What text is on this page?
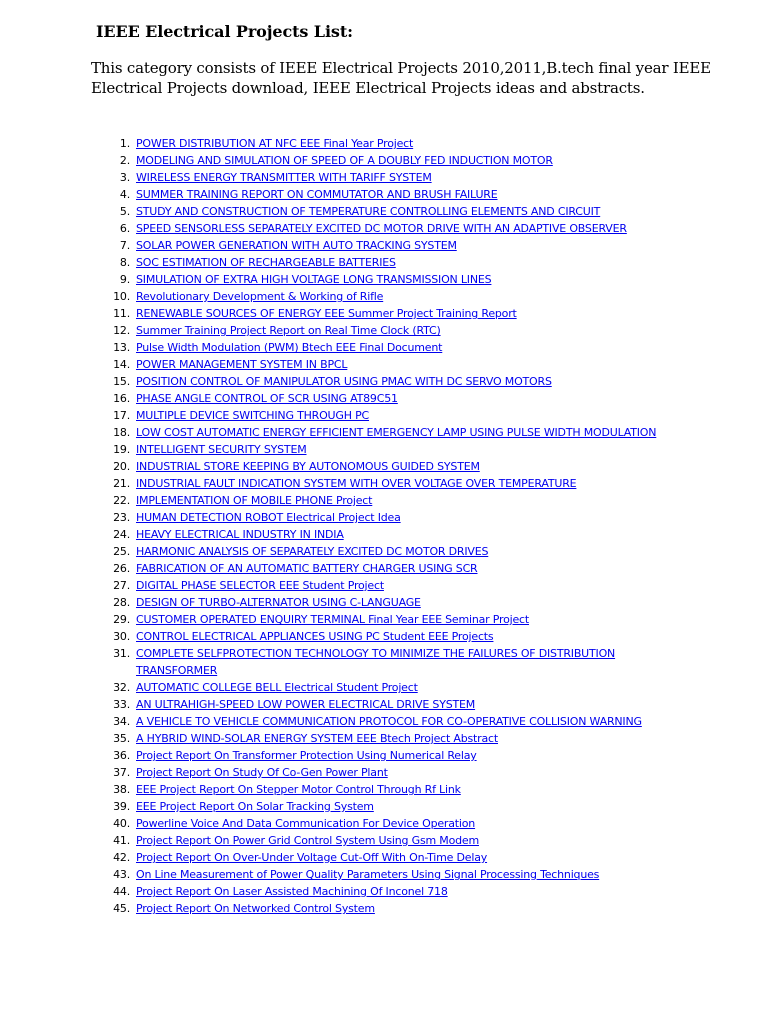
IEEE Electrical Projects List:

This category consists of IEEE Electrical Projects 2010,2011,B.tech final year IEEE Electrical Projects download, IEEE Electrical Projects ideas and abstracts.

1. POWER DISTRIBUTION AT NFC EEE Final Year Project
2. MODELING AND SIMULATION OF SPEED OF A DOUBLY FED INDUCTION MOTOR
3. WIRELESS ENERGY TRANSMITTER WITH TARIFF SYSTEM
4. SUMMER TRAINING REPORT ON COMMUTATOR AND BRUSH FAILURE
5. STUDY AND CONSTRUCTION OF TEMPERATURE CONTROLLING ELEMENTS AND CIRCUIT
6. SPEED SENSORLESS SEPARATELY EXCITED DC MOTOR DRIVE WITH AN ADAPTIVE OBSERVER
7. SOLAR POWER GENERATION WITH AUTO TRACKING SYSTEM
8. SOC ESTIMATION OF RECHARGEABLE BATTERIES
9. SIMULATION OF EXTRA HIGH VOLTAGE LONG TRANSMISSION LINES
10. Revolutionary Development & Working of Rifle
11. RENEWABLE SOURCES OF ENERGY EEE Summer Project Training Report
12. Summer Training Project Report on Real Time Clock (RTC)
13. Pulse Width Modulation (PWM) Btech EEE Final Document
14. POWER MANAGEMENT SYSTEM IN BPCL
15. POSITION CONTROL OF MANIPULATOR USING PMAC WITH DC SERVO MOTORS
16. PHASE ANGLE CONTROL OF SCR USING AT89C51
17. MULTIPLE DEVICE SWITCHING THROUGH PC
18. LOW COST AUTOMATIC ENERGY EFFICIENT EMERGENCY LAMP USING PULSE WIDTH MODULATION
19. INTELLIGENT SECURITY SYSTEM
20. INDUSTRIAL STORE KEEPING BY AUTONOMOUS GUIDED SYSTEM
21. INDUSTRIAL FAULT INDICATION SYSTEM WITH OVER VOLTAGE OVER TEMPERATURE
22. IMPLEMENTATION OF MOBILE PHONE Project
23. HUMAN DETECTION ROBOT Electrical Project Idea
24. HEAVY ELECTRICAL INDUSTRY IN INDIA
25. HARMONIC ANALYSIS OF SEPARATELY EXCITED DC MOTOR DRIVES
26. FABRICATION OF AN AUTOMATIC BATTERY CHARGER USING SCR
27. DIGITAL PHASE SELECTOR EEE Student Project
28. DESIGN OF TURBO-ALTERNATOR USING C-LANGUAGE
29. CUSTOMER OPERATED ENQUIRY TERMINAL Final Year EEE Seminar Project
30. CONTROL ELECTRICAL APPLIANCES USING PC Student EEE Projects
31. COMPLETE SELFPROTECTION TECHNOLOGY TO MINIMIZE THE FAILURES OF DISTRIBUTION TRANSFORMER
32. AUTOMATIC COLLEGE BELL Electrical Student Project
33. AN ULTRAHIGH-SPEED LOW POWER ELECTRICAL DRIVE SYSTEM
34. A VEHICLE TO VEHICLE COMMUNICATION PROTOCOL FOR CO-OPERATIVE COLLISION WARNING
35. A HYBRID WIND-SOLAR ENERGY SYSTEM EEE Btech Project Abstract
36. Project Report On Transformer Protection Using Numerical Relay
37. Project Report On Study Of Co-Gen Power Plant
38. EEE Project Report On Stepper Motor Control Through Rf Link
39. EEE Project Report On Solar Tracking System
40. Powerline Voice And Data Communication For Device Operation
41. Project Report On Power Grid Control System Using Gsm Modem
42. Project Report On Over-Under Voltage Cut-Off With On-Time Delay
43. On Line Measurement of Power Quality Parameters Using Signal Processing Techniques
44. Project Report On Laser Assisted Machining Of Inconel 718
45. Project Report On Networked Control System
